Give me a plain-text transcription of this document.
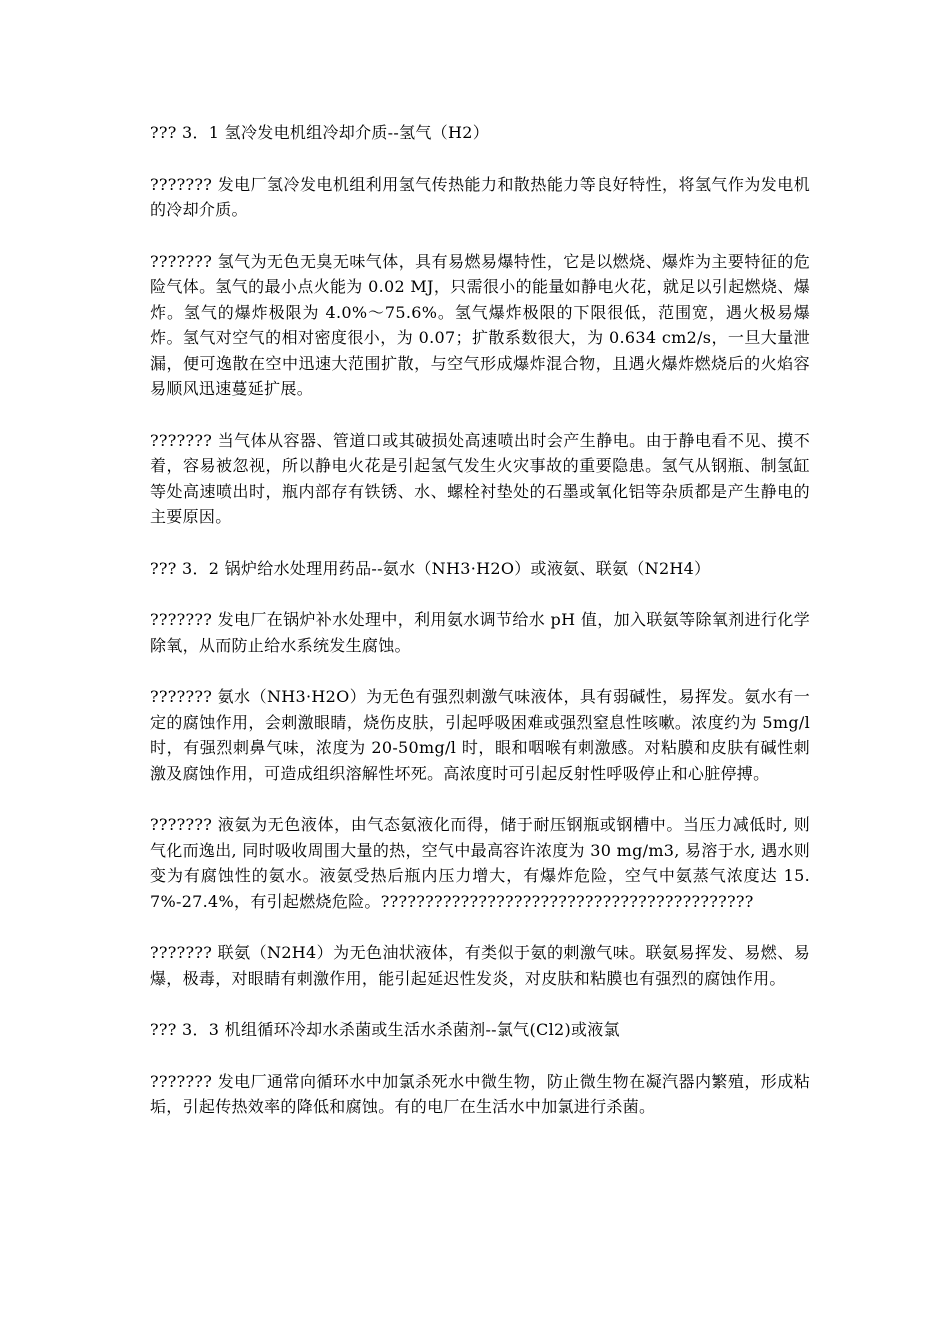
??? 3．1 氢冷发电机组冷却介质--氢气（H2）

??????? 发电厂氢冷发电机组利用氢气传热能力和散热能力等良好特性，将氢气作为发电机的冷却介质。

??????? 氢气为无色无臭无味气体，具有易燃易爆特性，它是以燃烧、爆炸为主要特征的危险气体。氢气的最小点火能为 0.02 MJ，只需很小的能量如静电火花，就足以引起燃烧、爆炸。氢气的爆炸极限为 4.0%～75.6%。氢气爆炸极限的下限很低，范围宽，遇火极易爆炸。氢气对空气的相对密度很小，为 0.07；扩散系数很大，为 0.634 cm2/s，一旦大量泄漏，便可逸散在空中迅速大范围扩散，与空气形成爆炸混合物，且遇火爆炸燃烧后的火焰容易顺风迅速蔓延扩展。

??????? 当气体从容器、管道口或其破损处高速喷出时会产生静电。由于静电看不见、摸不着，容易被忽视，所以静电火花是引起氢气发生火灾事故的重要隐患。氢气从钢瓶、制氢缸等处高速喷出时，瓶内部存有铁锈、水、螺栓衬垫处的石墨或氧化铝等杂质都是产生静电的主要原因。

??? 3．2 锅炉给水处理用药品--氨水（NH3·H2O）或液氨、联氨（N2H4）

??????? 发电厂在锅炉补水处理中，利用氨水调节给水 pH 值，加入联氨等除氧剂进行化学除氧，从而防止给水系统发生腐蚀。

??????? 氨水（NH3·H2O）为无色有强烈刺激气味液体，具有弱碱性，易挥发。氨水有一定的腐蚀作用，会刺激眼睛，烧伤皮肤，引起呼吸困难或强烈窒息性咳嗽。浓度约为 5mg/l 时，有强烈刺鼻气味，浓度为 20-50mg/l 时，眼和咽喉有刺激感。对粘膜和皮肤有碱性刺激及腐蚀作用，可造成组织溶解性坏死。高浓度时可引起反射性呼吸停止和心脏停搏。

??????? 液氨为无色液体，由气态氨液化而得，储于耐压钢瓶或钢槽中。当压力减低时, 则气化而逸出, 同时吸收周围大量的热，空气中最高容许浓度为 30 mg/m3, 易溶于水, 遇水则变为有腐蚀性的氨水。液氨受热后瓶内压力增大，有爆炸危险，空气中氨蒸气浓度达 15.7%-27.4%，有引起燃烧危险。??????????????????????????????????????????

??????? 联氨（N2H4）为无色油状液体，有类似于氨的刺激气味。联氨易挥发、易燃、易爆，极毒，对眼睛有刺激作用，能引起延迟性发炎，对皮肤和粘膜也有强烈的腐蚀作用。

??? 3．3 机组循环冷却水杀菌或生活水杀菌剂--氯气(Cl2)或液氯

??????? 发电厂通常向循环水中加氯杀死水中微生物，防止微生物在凝汽器内繁殖，形成粘垢，引起传热效率的降低和腐蚀。有的电厂在生活水中加氯进行杀菌。
